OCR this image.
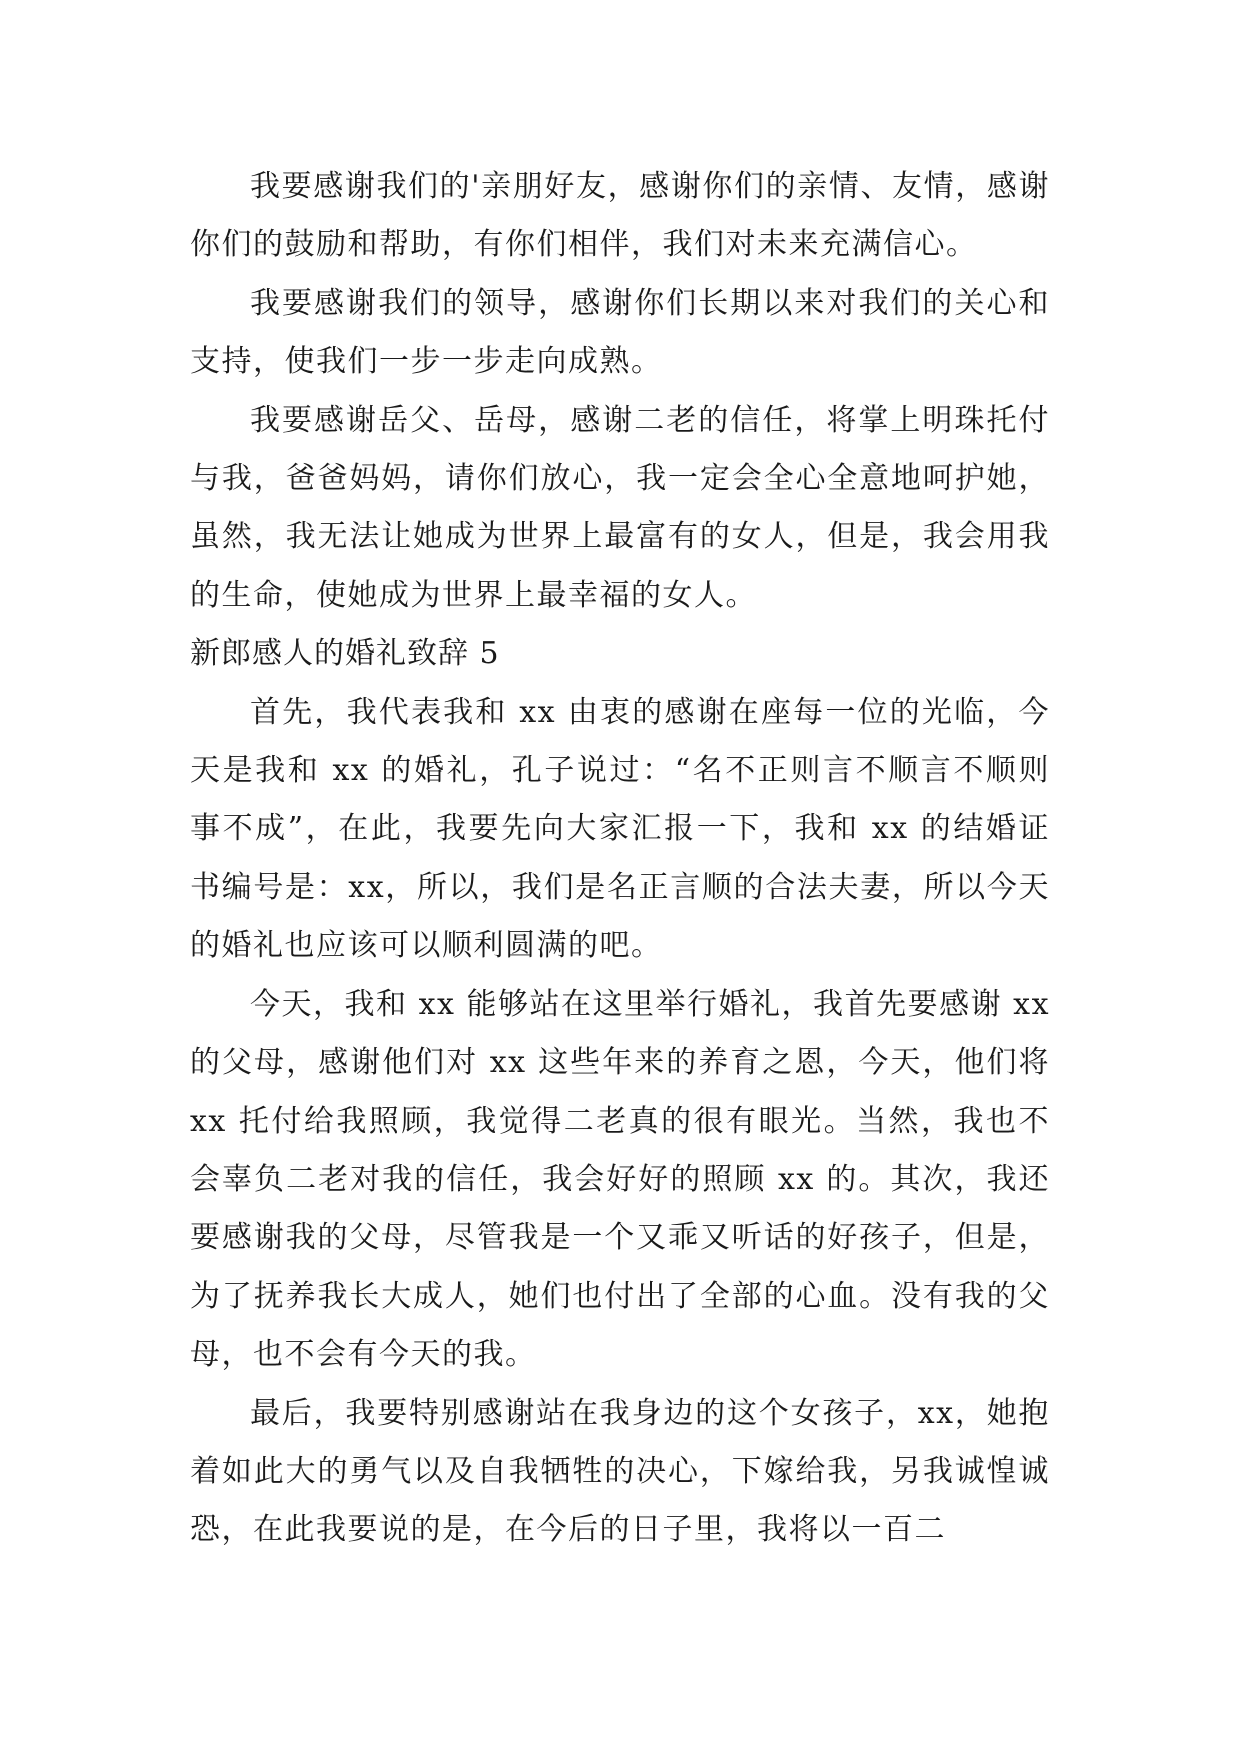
我要感谢我们的'亲朋好友，感谢你们的亲情、友情，感谢你们的鼓励和帮助，有你们相伴，我们对未来充满信心。

我要感谢我们的领导，感谢你们长期以来对我们的关心和支持，使我们一步一步走向成熟。

我要感谢岳父、岳母，感谢二老的信任，将掌上明珠托付与我，爸爸妈妈，请你们放心，我一定会全心全意地呵护她，虽然，我无法让她成为世界上最富有的女人，但是，我会用我的生命，使她成为世界上最幸福的女人。

新郎感人的婚礼致辞 5

首先，我代表我和 xx 由衷的感谢在座每一位的光临，今天是我和 xx 的婚礼，孔子说过：“名不正则言不顺言不顺则事不成”，在此，我要先向大家汇报一下，我和 xx 的结婚证书编号是：xx，所以，我们是名正言顺的合法夫妻，所以今天的婚礼也应该可以顺利圆满的吧。

今天，我和 xx 能够站在这里举行婚礼，我首先要感谢 xx 的父母，感谢他们对 xx 这些年来的养育之恩，今天，他们将 xx 托付给我照顾，我觉得二老真的很有眼光。当然，我也不会辜负二老对我的信任，我会好好的照顾 xx 的。其次，我还要感谢我的父母，尽管我是一个又乖又听话的好孩子，但是，为了抚养我长大成人，她们也付出了全部的心血。没有我的父母，也不会有今天的我。

最后，我要特别感谢站在我身边的这个女孩子，xx，她抱着如此大的勇气以及自我牺牲的决心，下嫁给我，另我诚惶诚恐，在此我要说的是，在今后的日子里，我将以一百二
